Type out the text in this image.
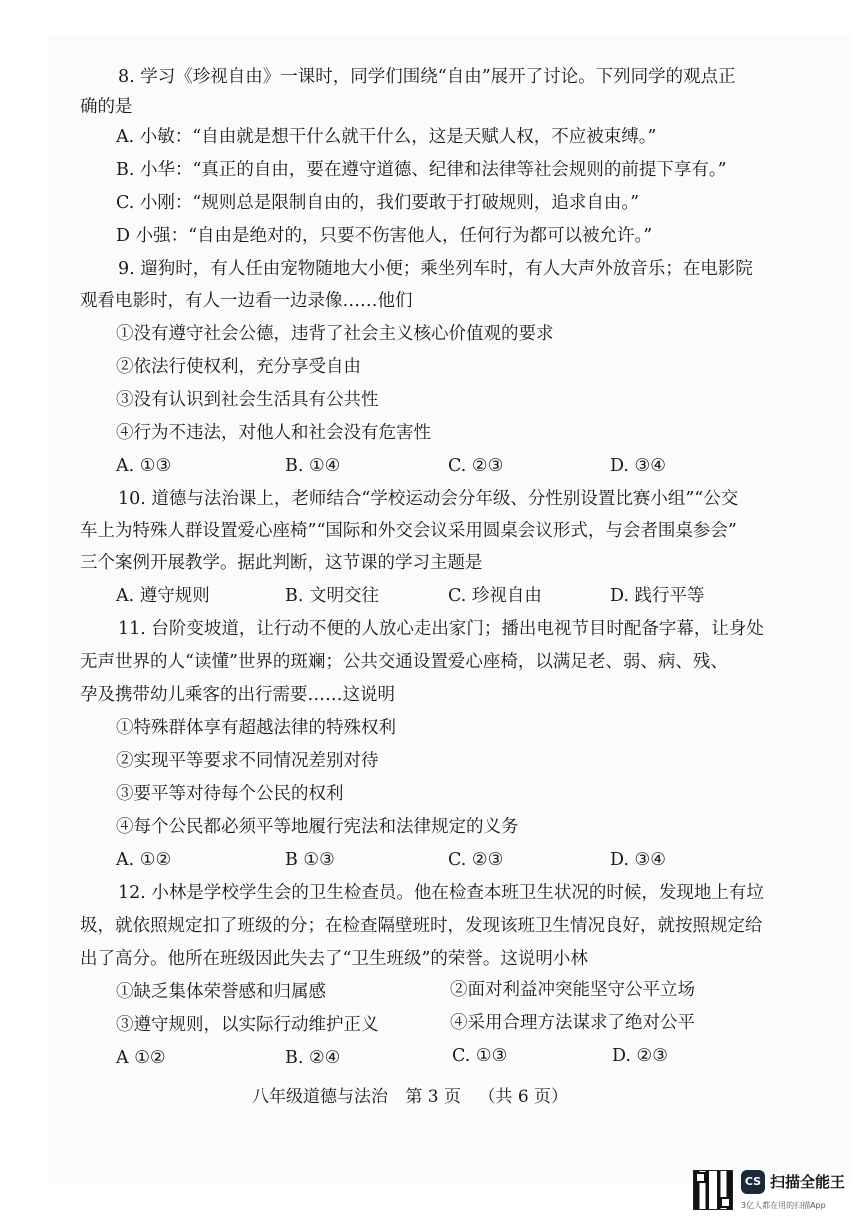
8. 学习《珍视自由》一课时，同学们围绕“自由”展开了讨论。下列同学的观点正
确的是
A. 小敏：“自由就是想干什么就干什么，这是天赋人权，不应被束缚。”
B. 小华：“真正的自由，要在遵守道德、纪律和法律等社会规则的前提下享有。”
C. 小刚：“规则总是限制自由的，我们要敢于打破规则，追求自由。”
D 小强：“自由是绝对的，只要不伤害他人，任何行为都可以被允许。”
9. 遛狗时，有人任由宠物随地大小便；乘坐列车时，有人大声外放音乐；在电影院
观看电影时，有人一边看一边录像……他们
①没有遵守社会公德，违背了社会主义核心价值观的要求
②依法行使权利，充分享受自由
③没有认识到社会生活具有公共性
④行为不违法，对他人和社会没有危害性
A. ①③	B. ①④	C. ②③	D. ③④
10. 道德与法治课上，老师结合“学校运动会分年级、分性别设置比赛小组”“公交
车上为特殊人群设置爱心座椅”“国际和外交会议采用圆桌会议形式，与会者围桌参会”
三个案例开展教学。据此判断，这节课的学习主题是
A. 遵守规则	B. 文明交往	C. 珍视自由	D. 践行平等
11. 台阶变坡道，让行动不便的人放心走出家门；播出电视节目时配备字幕，让身处
无声世界的人“读懂”世界的斑斓；公共交通设置爱心座椅，以满足老、弱、病、残、
孕及携带幼儿乘客的出行需要……这说明
①特殊群体享有超越法律的特殊权利
②实现平等要求不同情况差别对待
③要平等对待每个公民的权利
④每个公民都必须平等地履行宪法和法律规定的义务
A. ①②	B ①③	C. ②③	D. ③④
12. 小林是学校学生会的卫生检查员。他在检查本班卫生状况的时候，发现地上有垃
圾，就依照规定扣了班级的分；在检查隔壁班时，发现该班卫生情况良好，就按照规定给
出了高分。他所在班级因此失去了“卫生班级”的荣誉。这说明小林
①缺乏集体荣誉感和归属感	②面对利益冲突能坚守公平立场
③遵守规则，以实际行动维护正义	④采用合理方法谋求了绝对公平
A ①②	B. ②④	C. ①③	D. ②③
八年级道德与法治 第 3 页 （共 6 页）
CS 扫描全能王
3亿人都在用的扫描App
